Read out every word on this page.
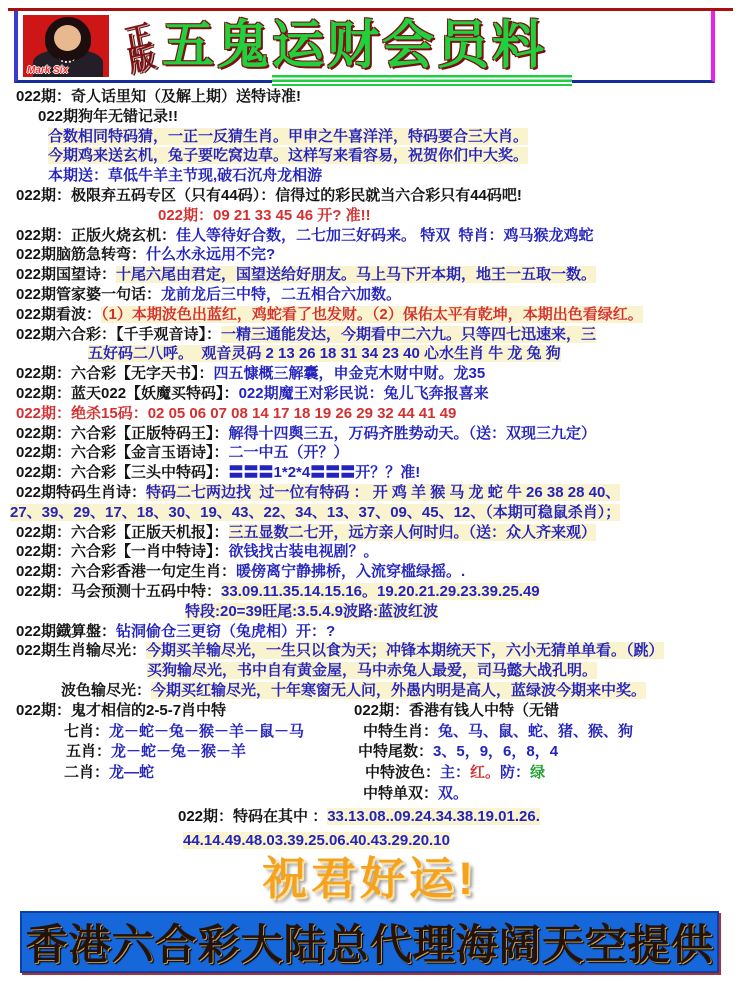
Mark Six 正版 五鬼运财会员料
022期：奇人话里知（及解上期）送特诗准!
022期狗年无错记录!!
合数相同特码猜，一正一反猜生肖。甲申之牛喜洋洋，特码要合三大肖。
今期鸡来送玄机，兔子要吃窝边草。这样写来看容易，祝贺你们中大奖。
本期送：草低牛羊主节现,破石沉舟龙相游
022期：极限弃五码专区（只有44码）：信得过的彩民就当六合彩只有44码吧!
022期：09 21 33 45 46 开? 准!!
022期：正版火烧玄机：佳人等待好合数，二七加三好码来。 特双  特肖：鸡马猴龙鸡蛇
022期脑筋急转弯：什么水永远用不完?
022期国望诗：十尾六尾由君定，国望送给好朋友。马上马下开本期，地王一五取一数。
022期管家婆一句话：龙前龙后三中特，二五相合六加数。
022期看波：（1）本期波色出蓝红，鸡蛇看了也发财。（2）保佑太平有乾坤，本期出色看绿红。
022期六合彩：【千手观音诗】：一精三通能发达，今期看中二六九。只等四七迅速来，三
五好码二八呼。  观音灵码 2 13 26 18 31 34 23 40 心水生肖 牛 龙 兔 狗
022期：六合彩【无字天书】：四五慷概三解囊，申金克木财中财。龙35
022期：蓝天022【妖魔买特码】：022期魔王对彩民说：兔儿飞奔报喜来
022期：绝杀15码：02 05 06 07 08 14 17 18 19 26 29 32 44 41 49
022期：六合彩【正版特码王】：解得十四舆三五，万码齐胜势动天。（送：双现三九定）
022期：六合彩【金言玉语诗】：二一中五（开？）
022期：六合彩【三头中特码】：〓〓〓1*2*4〓〓〓开？？准!
022期特码生肖诗：特码二七两边找  过一位有特码 ： 开 鸡 羊 猴 马 龙 蛇 牛 26 38 28 40、
27、39、29、17、18、30、19、43、22、34、13、37、09、45、12、（本期可稳鼠杀肖）；
022期：六合彩【正版天机报】：三五显数二七开，远方亲人何时归。（送：众人齐来观）
022期：六合彩【一肖中特诗】：欲钱找古装电视剧？。
022期：六合彩香港一句定生肖：暖傍离宁静拂桥，入流穿槛绿摇。.
022期：马会预测十五码中特：33.09.11.35.14.15.16。19.20.21.29.23.39.25.49
特段:20=39旺尾:3.5.4.9波路:蓝波红波
022期鐡算盤：钻洞偷仓三更窃（兔虎相）开：?
022期生肖输尽光：今期买羊输尽光，一生只以食为天；冲锋本期统天下，六小无猜单单看。（跳）
买狗输尽光，书中自有黄金屋，马中赤兔人最爱，司马懿大战孔明。
波色输尽光：今期买红输尽光，十年寒窗无人问，外愚内明是高人，蓝绿波今期来中奖。
022期：鬼才相信的2-5-7肖中特	022期：香港有钱人中特（无错
七肖：龙－蛇－兔－猴－羊－鼠－马	中特生肖：兔、马、鼠、蛇、猪、猴、狗
五肖：龙－蛇－兔－猴－羊	中特尾数：3、5，9，6，8，4
二肖：龙—蛇	中特波色：主：红。防：绿
中特单双：双。
022期：特码在其中 ：33.13.08..09.24.34.38.19.01.26.
44.14.49.48.03.39.25.06.40.43.29.20.10
祝君好运!
香港六合彩大陆总代理海阔天空提供
